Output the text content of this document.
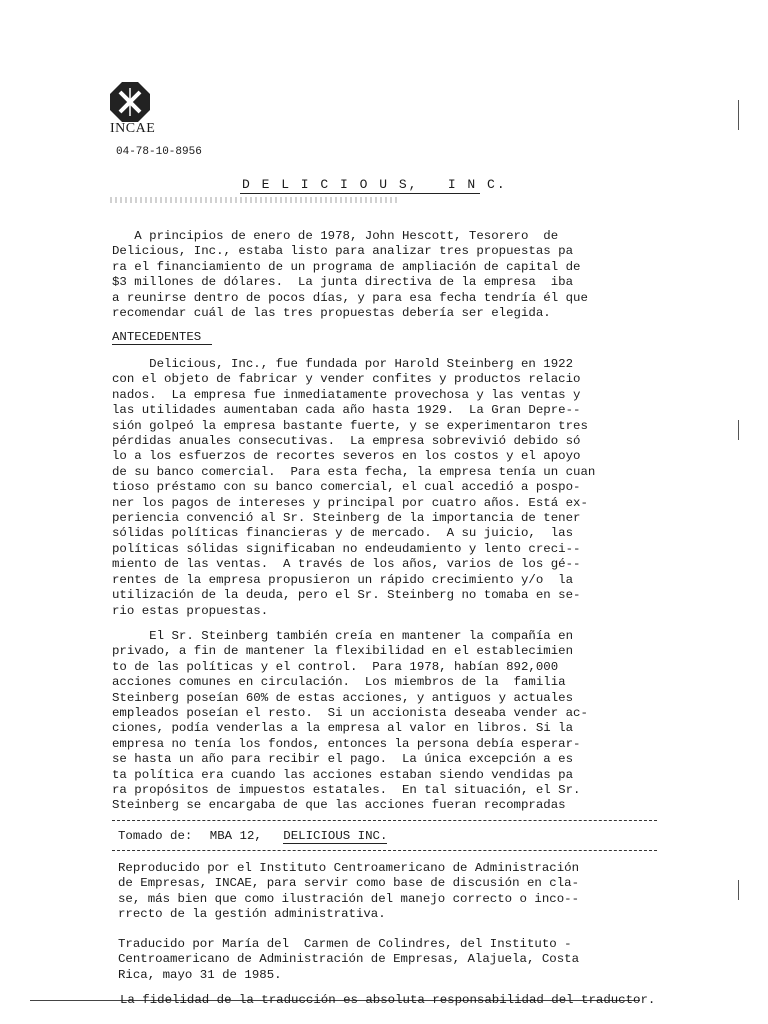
INCAE
04-78-10-8956
D E L I C I O U S,   I N C.
A principios de enero de 1978, John Hescott, Tesorero  de
Delicious, Inc., estaba listo para analizar tres propuestas pa
ra el financiamiento de un programa de ampliación de capital de
$3 millones de dólares.  La junta directiva de la empresa  iba
a reunirse dentro de pocos días, y para esa fecha tendría él que
recomendar cuál de las tres propuestas debería ser elegida.
ANTECEDENTES
Delicious, Inc., fue fundada por Harold Steinberg en 1922
con el objeto de fabricar y vender confites y productos relacio
nados.  La empresa fue inmediatamente provechosa y las ventas y
las utilidades aumentaban cada año hasta 1929.  La Gran Depre--
sión golpeó la empresa bastante fuerte, y se experimentaron tres
pérdidas anuales consecutivas.  La empresa sobrevivió debido só
lo a los esfuerzos de recortes severos en los costos y el apoyo
de su banco comercial.  Para esta fecha, la empresa tenía un cuan
tioso préstamo con su banco comercial, el cual accedió a pospo-
ner los pagos de intereses y principal por cuatro años. Está ex-
periencia convenció al Sr. Steinberg de la importancia de tener
sólidas políticas financieras y de mercado.  A su juicio,  las
políticas sólidas significaban no endeudamiento y lento creci--
miento de las ventas.  A través de los años, varios de los gé--
rentes de la empresa propusieron un rápido crecimiento y/o  la
utilización de la deuda, pero el Sr. Steinberg no tomaba en se-
rio estas propuestas.
El Sr. Steinberg también creía en mantener la compañía en
privado, a fin de mantener la flexibilidad en el establecimien
to de las políticas y el control.  Para 1978, habían 892,000
acciones comunes en circulación.  Los miembros de la  familia
Steinberg poseían 60% de estas acciones, y antiguos y actuales
empleados poseían el resto.  Si un accionista deseaba vender ac-
ciones, podía venderlas a la empresa al valor en libros. Si la
empresa no tenía los fondos, entonces la persona debía esperar-
se hasta un año para recibir el pago.  La única excepción a es
ta política era cuando las acciones estaban siendo vendidas pa
ra propósitos de impuestos estatales.  En tal situación, el Sr.
Steinberg se encargaba de que las acciones fueran recompradas
Tomado de: MBA 12, DELICIOUS INC.
Reproducido por el Instituto Centroamericano de Administración
de Empresas, INCAE, para servir como base de discusión en cla-
se, más bien que como ilustración del manejo correcto o inco--
rrecto de la gestión administrativa.
Traducido por María del  Carmen de Colindres, del Instituto -
Centroamericano de Administración de Empresas, Alajuela, Costa
Rica, mayo 31 de 1985.
La fidelidad de la traducción es absoluta responsabilidad del traductor.
